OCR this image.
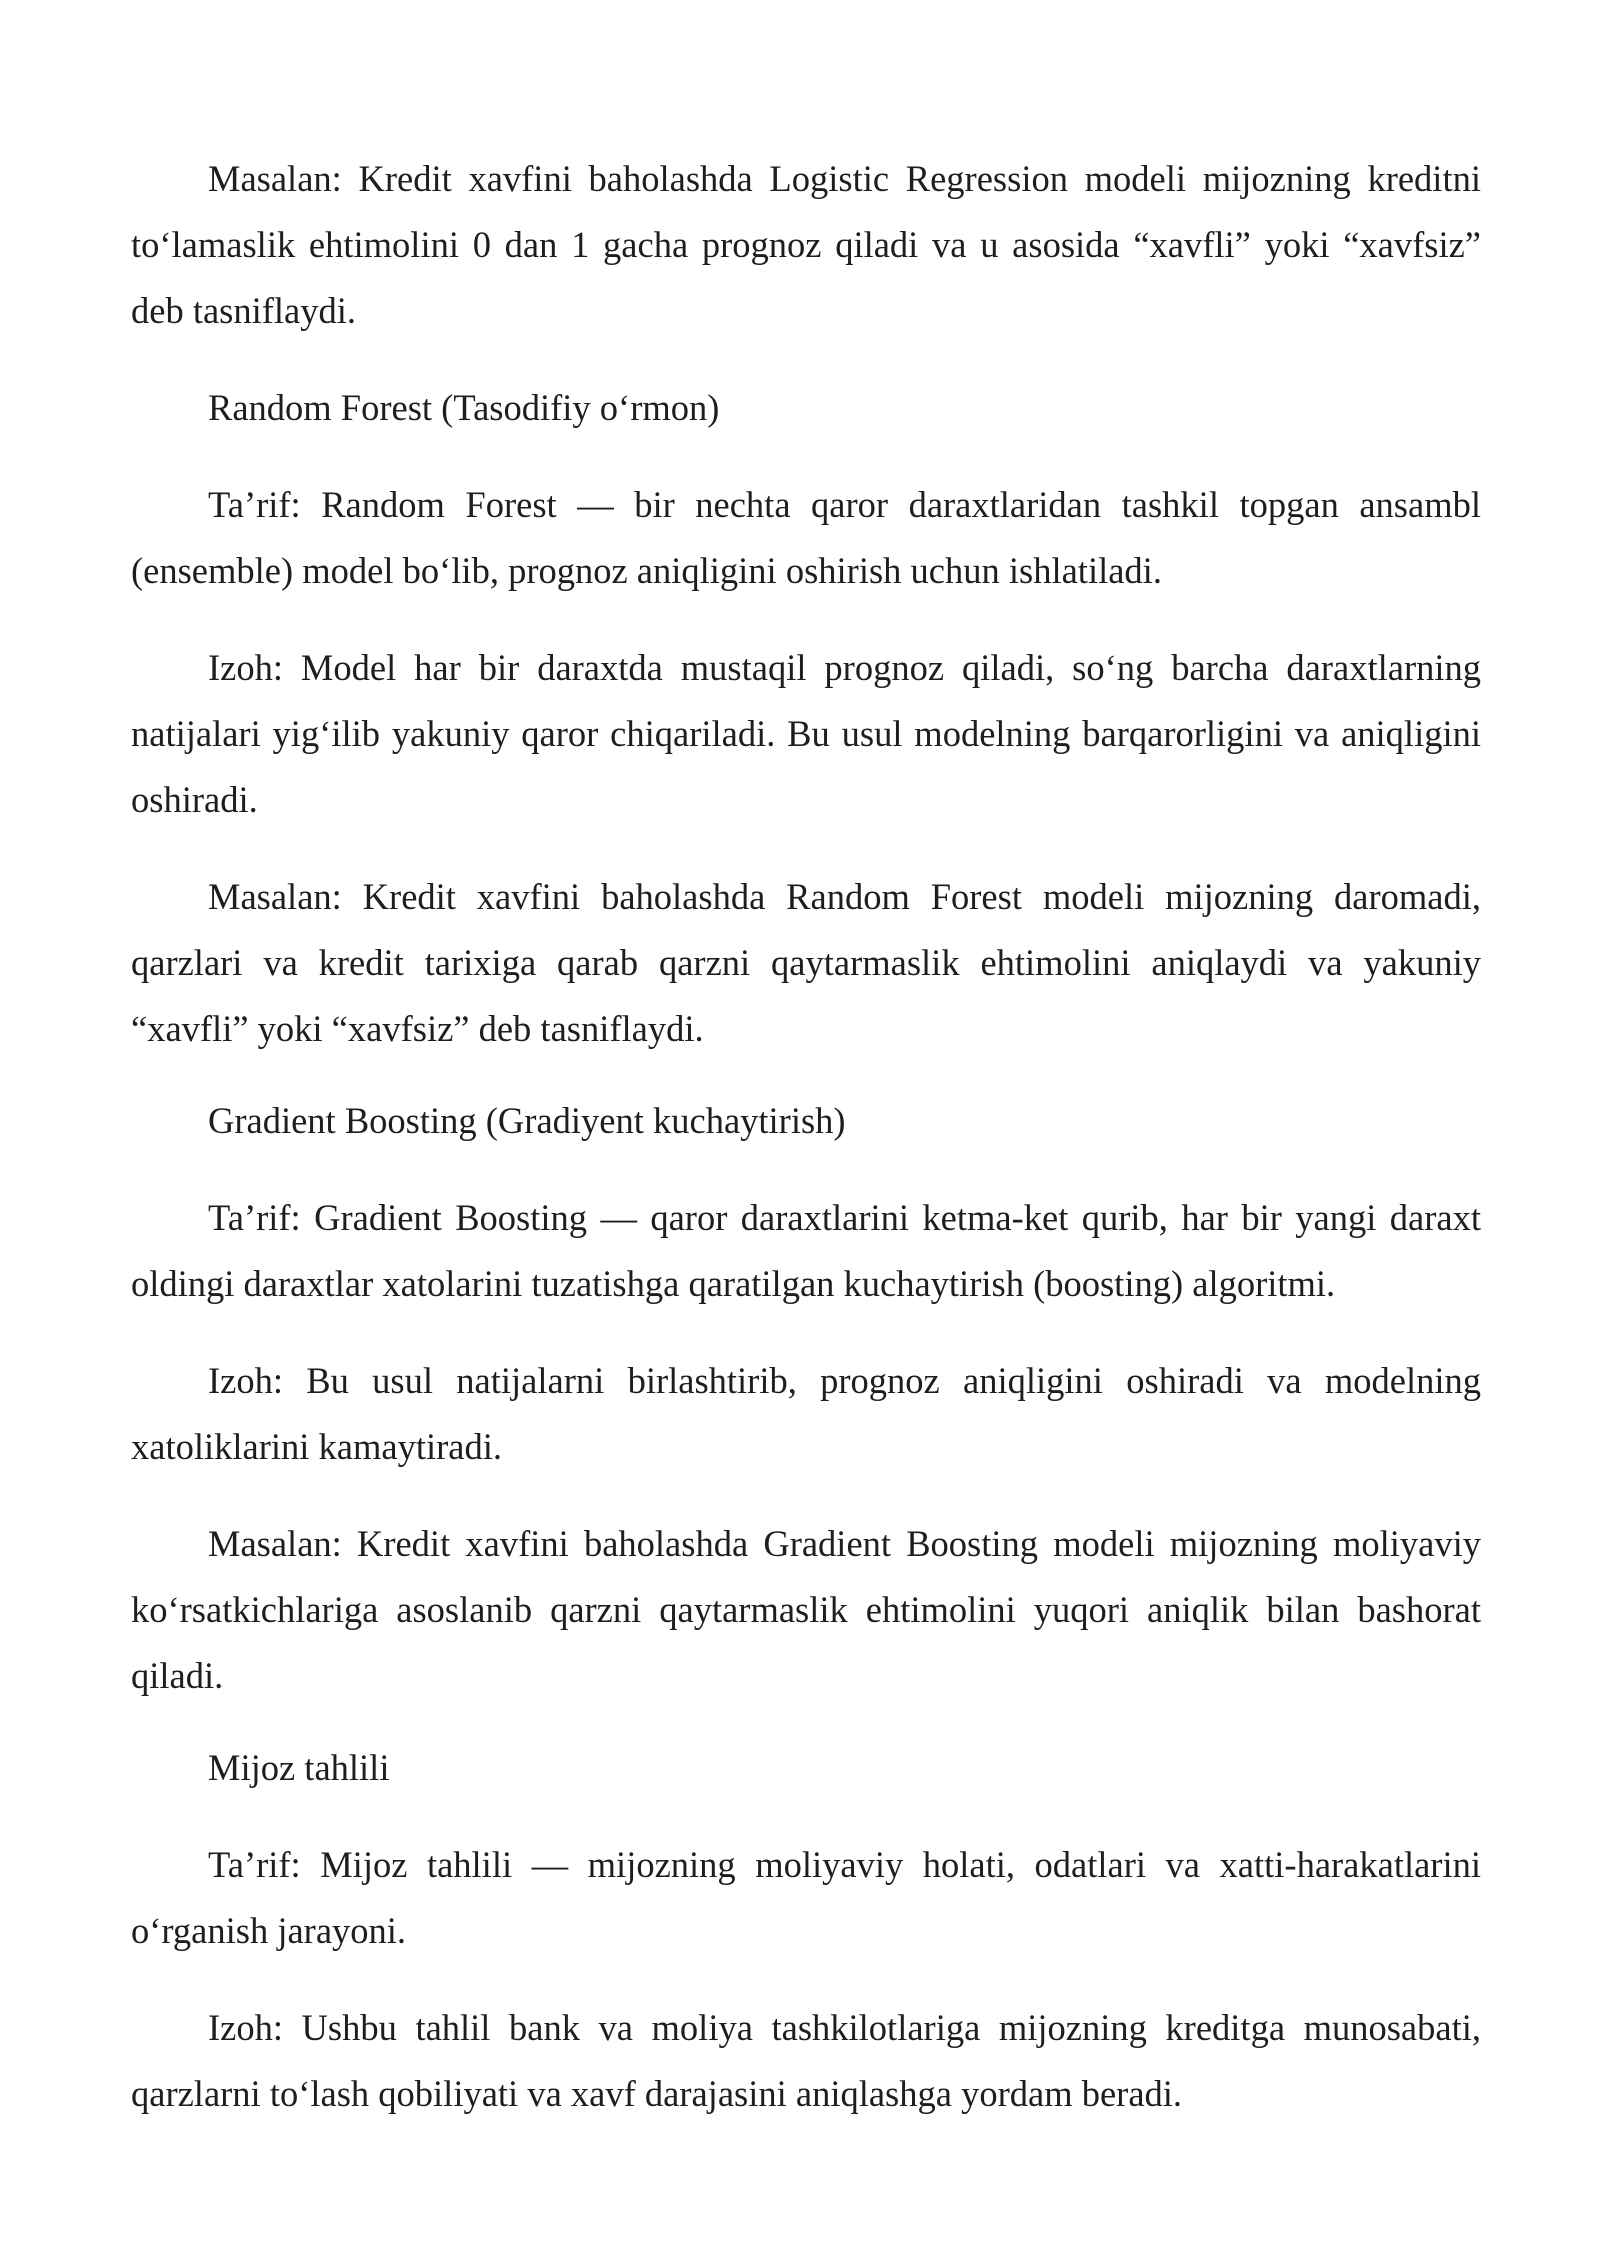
Masalan: Kredit xavfini baholashda Logistic Regression modeli mijozning kreditni to‘lamaslik ehtimolini 0 dan 1 gacha prognoz qiladi va u asosida “xavfli” yoki “xavfsiz” deb tasniflaydi.

Random Forest (Tasodifiy o‘rmon)

Ta’rif: Random Forest — bir nechta qaror daraxtlaridan tashkil topgan ansambl (ensemble) model bo‘lib, prognoz aniqligini oshirish uchun ishlatiladi.

Izoh: Model har bir daraxtda mustaqil prognoz qiladi, so‘ng barcha daraxtlarning natijalari yig‘ilib yakuniy qaror chiqariladi. Bu usul modelning barqarorligini va aniqligini oshiradi.

Masalan: Kredit xavfini baholashda Random Forest modeli mijozning daromadi, qarzlari va kredit tarixiga qarab qarzni qaytarmaslik ehtimolini aniqlaydi va yakuniy “xavfli” yoki “xavfsiz” deb tasniflaydi.

Gradient Boosting (Gradiyent kuchaytirish)

Ta’rif: Gradient Boosting — qaror daraxtlarini ketma-ket qurib, har bir yangi daraxt oldingi daraxtlar xatolarini tuzatishga qaratilgan kuchaytirish (boosting) algoritmi.

Izoh: Bu usul natijalarni birlashtirib, prognoz aniqligini oshiradi va modelning xatoliklarini kamaytiradi.

Masalan: Kredit xavfini baholashda Gradient Boosting modeli mijozning moliyaviy ko‘rsatkichlariga asoslanib qarzni qaytarmaslik ehtimolini yuqori aniqlik bilan bashorat qiladi.

Mijoz tahlili

Ta’rif: Mijoz tahlili — mijozning moliyaviy holati, odatlari va xatti-harakatlarini o‘rganish jarayoni.

Izoh: Ushbu tahlil bank va moliya tashkilotlariga mijozning kreditga munosabati, qarzlarni to‘lash qobiliyati va xavf darajasini aniqlashga yordam beradi.
